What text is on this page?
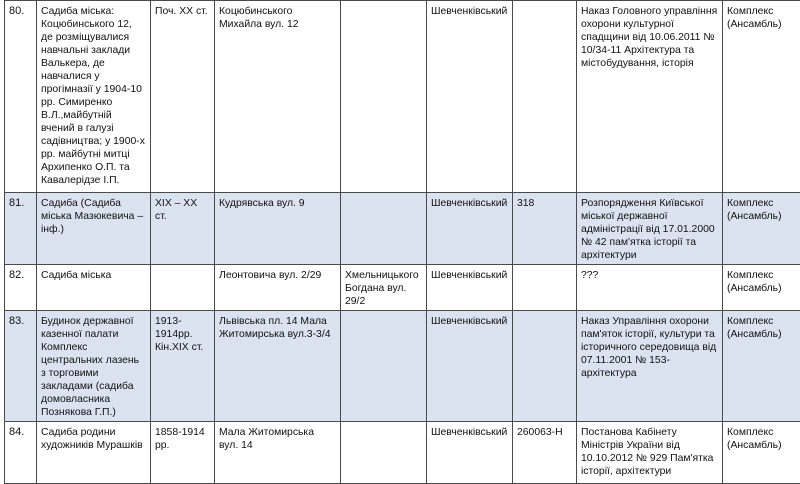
80.	Садиба міська: Коцюбинського 12, де розміщувалися навчальні заклади Валькера, де навчалися у прогімназії у 1904-10 рр. Симиренко В.Л.,майбутній вчений в галузі садівництва; у 1900-х рр. майбутні митці Архипенко О.П. та Кавалерідзе І.П.	Поч. ХХ ст.	Коцюбинського Михайла вул. 12		Шевченківський		Наказ Головного управління охорони культурної спадщини від 10.06.2011 № 10/34-11 Архітектура та містобудування, історія	Комплекс (Ансамбль)
81.	Садиба (Садиба міська Мазюкевича – інф.)	XIX – XX ст.	Кудрявська вул. 9		Шевченківський	318	Розпорядження Київської міської державної адміністрації від 17.01.2000 № 42 пам'ятка історії та архітектури	Комплекс (Ансамбль)
82.	Садиба міська		Леонтовича вул. 2/29	Хмельницького Богдана вул. 29/2	Шевченківський		???	Комплекс (Ансамбль)
83.	Будинок державної казенної палати Комплекс центральних лазень з торговими закладами (садиба домовласника Познякова Г.П.)	1913-1914рр. Кін.ХІХ ст.	Львівська пл. 14 Мала Житомирська вул.3-3/4		Шевченківський		Наказ Управління охорони пам'яток історії, культури та історичного середовища від 07.11.2001 № 153-архітектура	Комплекс (Ансамбль)
84.	Садиба родини художників Мурашків	1858-1914 рр.	Мала Житомирська вул. 14		Шевченківський	260063-Н	Постанова Кабінету Міністрів України від 10.10.2012 № 929 Пам'ятка історії, архітектури	Комплекс (Ансамбль)
